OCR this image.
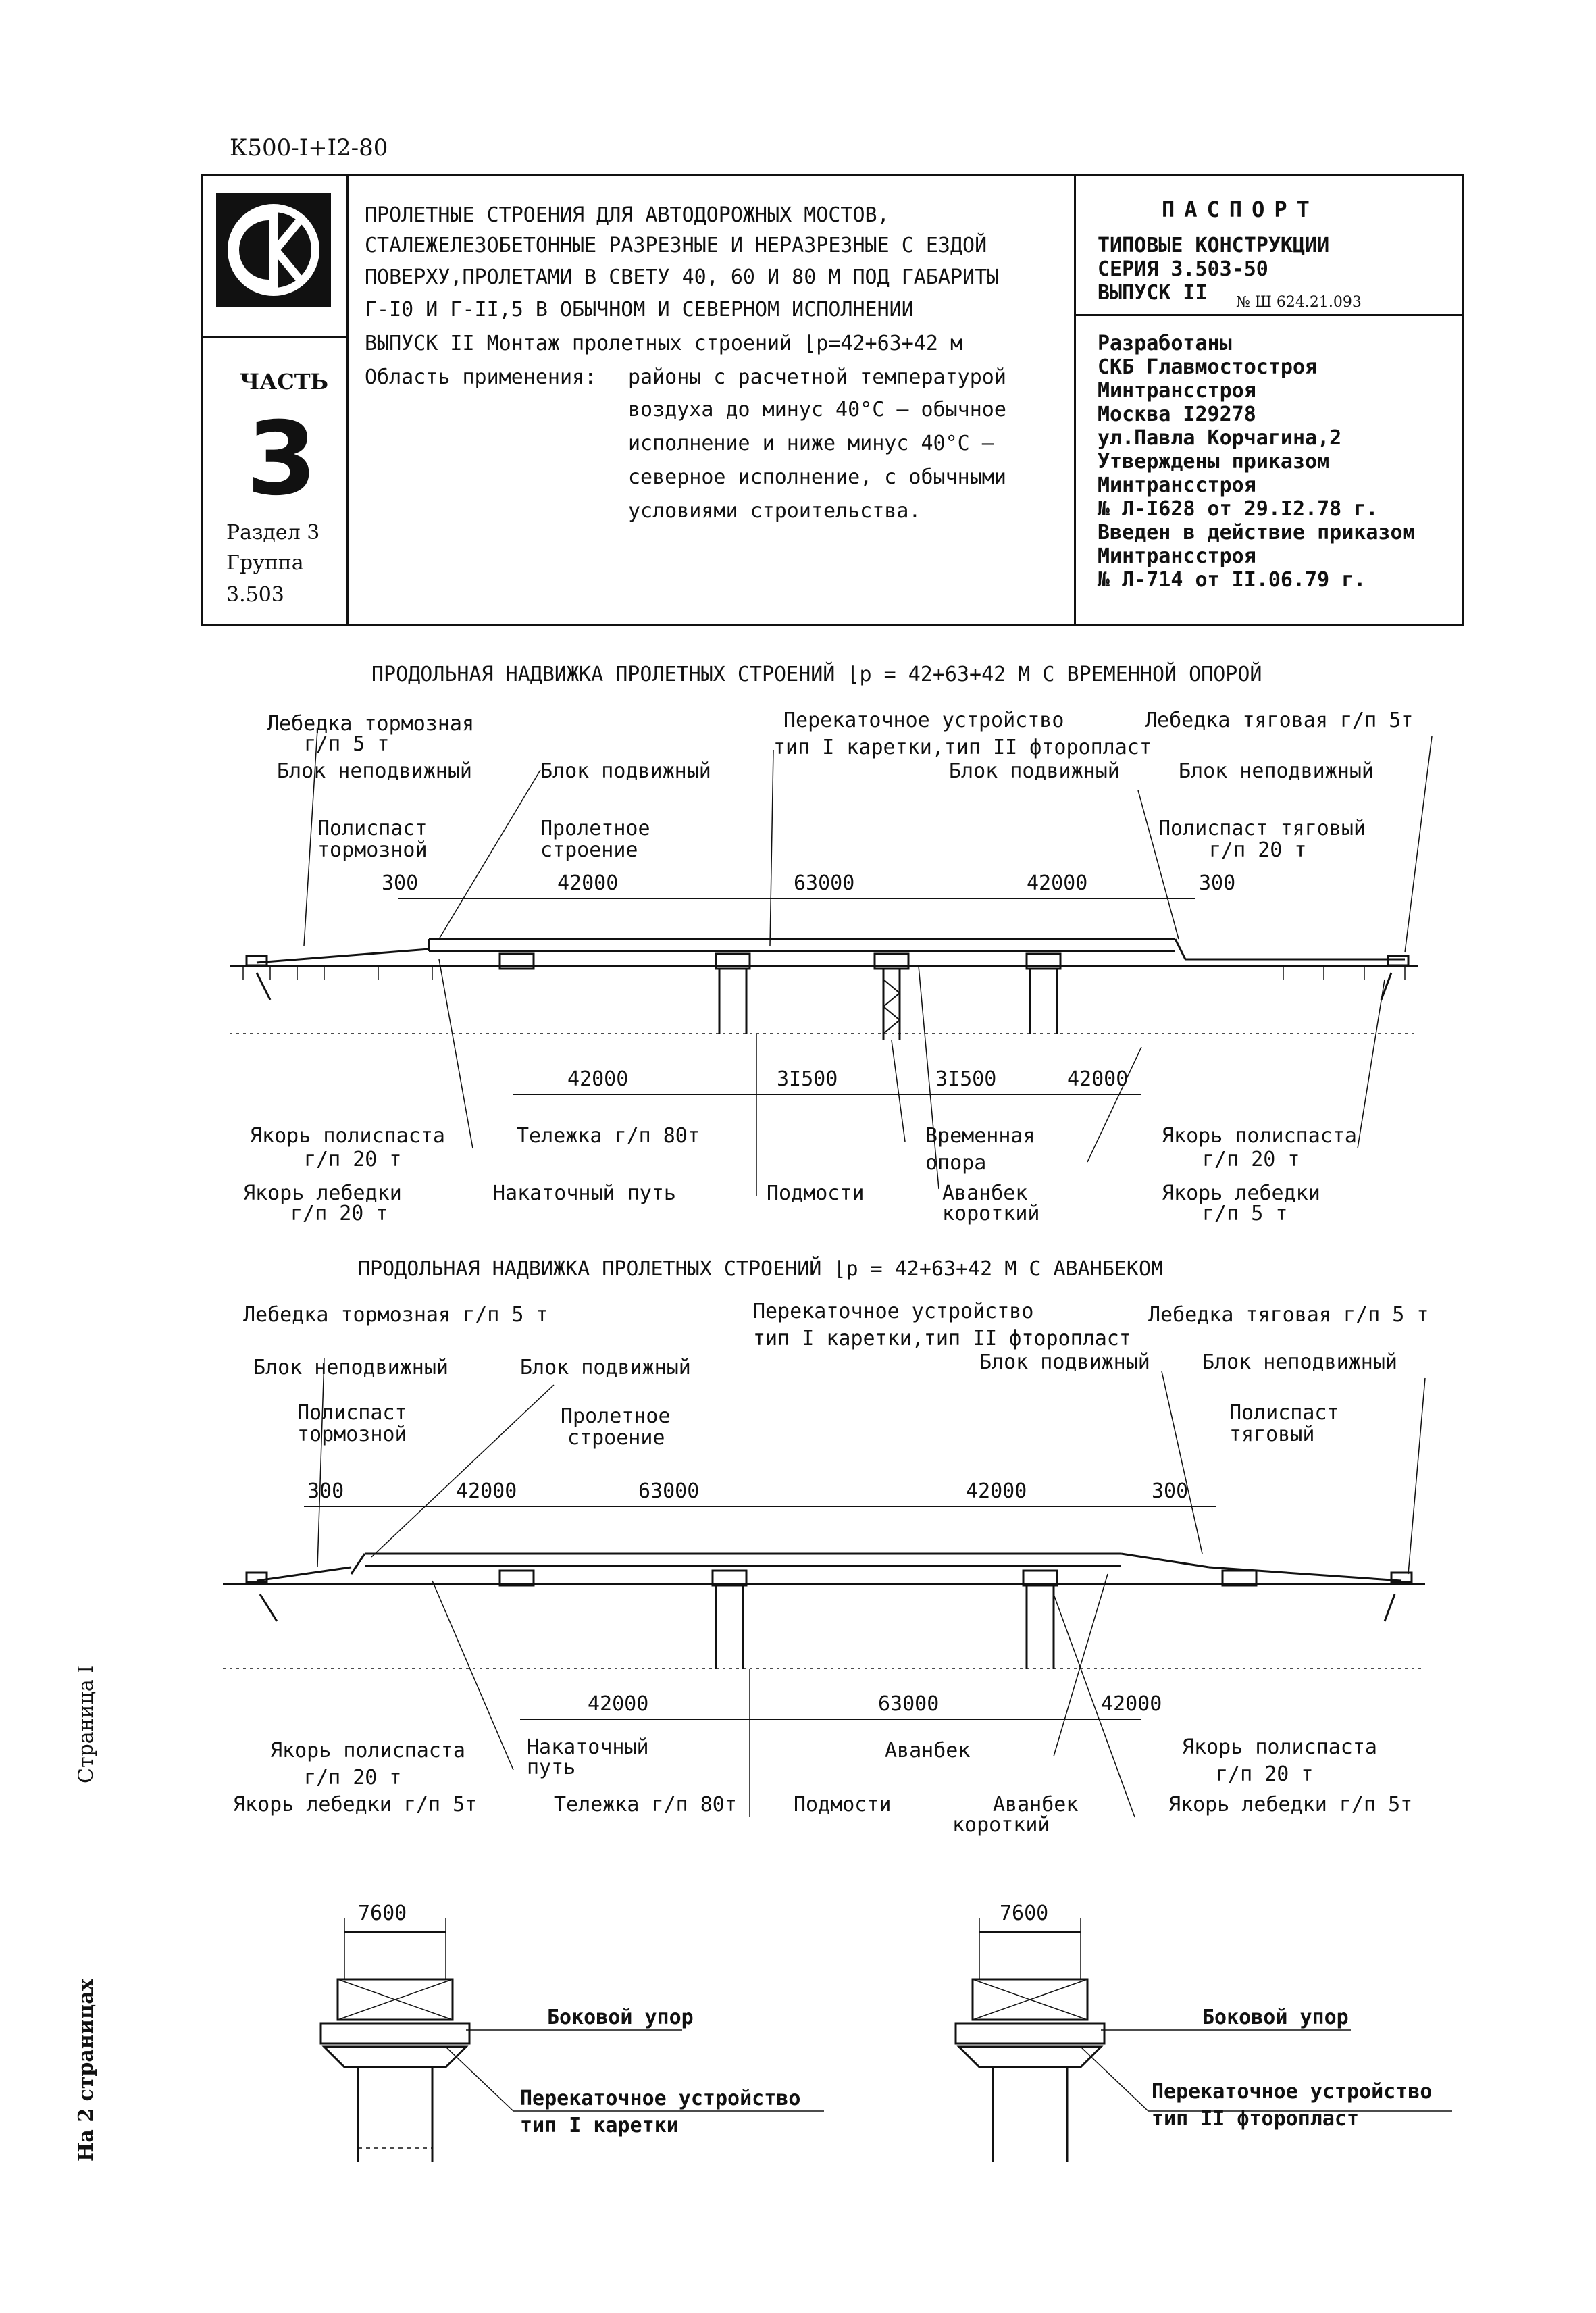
К500-I+I2-80
ЧАСТЬ
3
Раздел 3
Группа
3.503
ПРОЛЕТНЫЕ СТРОЕНИЯ ДЛЯ АВТОДОРОЖНЫХ МОСТОВ,
СТАЛЕЖЕЛЕЗОБЕТОННЫЕ РАЗРЕЗНЫЕ И НЕРАЗРЕЗНЫЕ С ЕЗДОЙ
ПОВЕРХУ,ПРОЛЕТАМИ В СВЕТУ 40, 60 И 80 М ПОД ГАБАРИТЫ
Г-I0 И Г-II,5 В ОБЫЧНОМ И СЕВЕРНОМ ИСПОЛНЕНИИ
ВЫПУСК II Монтаж пролетных строений ⌊р=42+63+42 м
Область применения: районы с расчетной температурой
воздуха до минус 40°С – обычное
исполнение и ниже минус 40°С –
северное исполнение, с обычными
условиями строительства.
ПАСПОРТ
ТИПОВЫЕ КОНСТРУКЦИИ
СЕРИЯ 3.503-50
ВЫПУСК II № Ш 624.21.093
Разработаны
СКБ Главмостостроя
Минтрансстроя
Москва I29278
ул.Павла Корчагина,2
Утверждены приказом
Минтрансстроя
№ Л-I628 от 29.I2.78 г.
Введен в действие приказом
Минтрансстроя
№ Л-714 от II.06.79 г.
ПРОДОЛЬНАЯ НАДВИЖКА ПРОЛЕТНЫХ СТРОЕНИЙ ⌊р = 42+63+42 М С ВРЕМЕННОЙ ОПОРОЙ
Лебедка тормозная
г/п 5 т
Блок неподвижный	Блок подвижный
Полиспаст
тормозной
Пролетное
строение
Перекаточное устройство
тип I каретки,тип II фторопласт
Блок подвижный
Лебедка тяговая г/п 5т
Блок неподвижный
Полиспаст тяговый
г/п 20 т
300	42000	63000	42000	300
42000	3I500	3I500	42000
Якорь полиспаста
г/п 20 т
Тележка г/п 80т
Якорь лебедки
г/п 20 т
Накаточный путь	Подмости
Временная
опора
Аванбек
короткий
Якорь полиспаста
г/п 20 т
Якорь лебедки
г/п 5 т
ПРОДОЛЬНАЯ НАДВИЖКА ПРОЛЕТНЫХ СТРОЕНИЙ ⌊р = 42+63+42 М С АВАНБЕКОМ
Лебедка тормозная г/п 5 т	Перекаточное устройство
тип I каретки,тип II фторопласт
Лебедка тяговая г/п 5 т
Блок неподвижный	Блок подвижный	Блок подвижный	Блок неподвижный
Полиспаст
тормозной
Пролетное
строение
Полиспаст
тяговый
300	42000	63000	42000	300
42000	63000	42000
Якорь полиспаста
г/п 20 т
Накаточный
путь
Аванбек	Якорь полиспаста
г/п 20 т
Якорь лебедки г/п 5т	Тележка г/п 80т	Подмости	Аванбек
короткий
Якорь лебедки г/п 5т
7600
Боковой упор
Перекаточное устройство
тип I каретки
7600
Боковой упор
Перекаточное устройство
тип II фторопласт
Страница I
На 2 страницах
